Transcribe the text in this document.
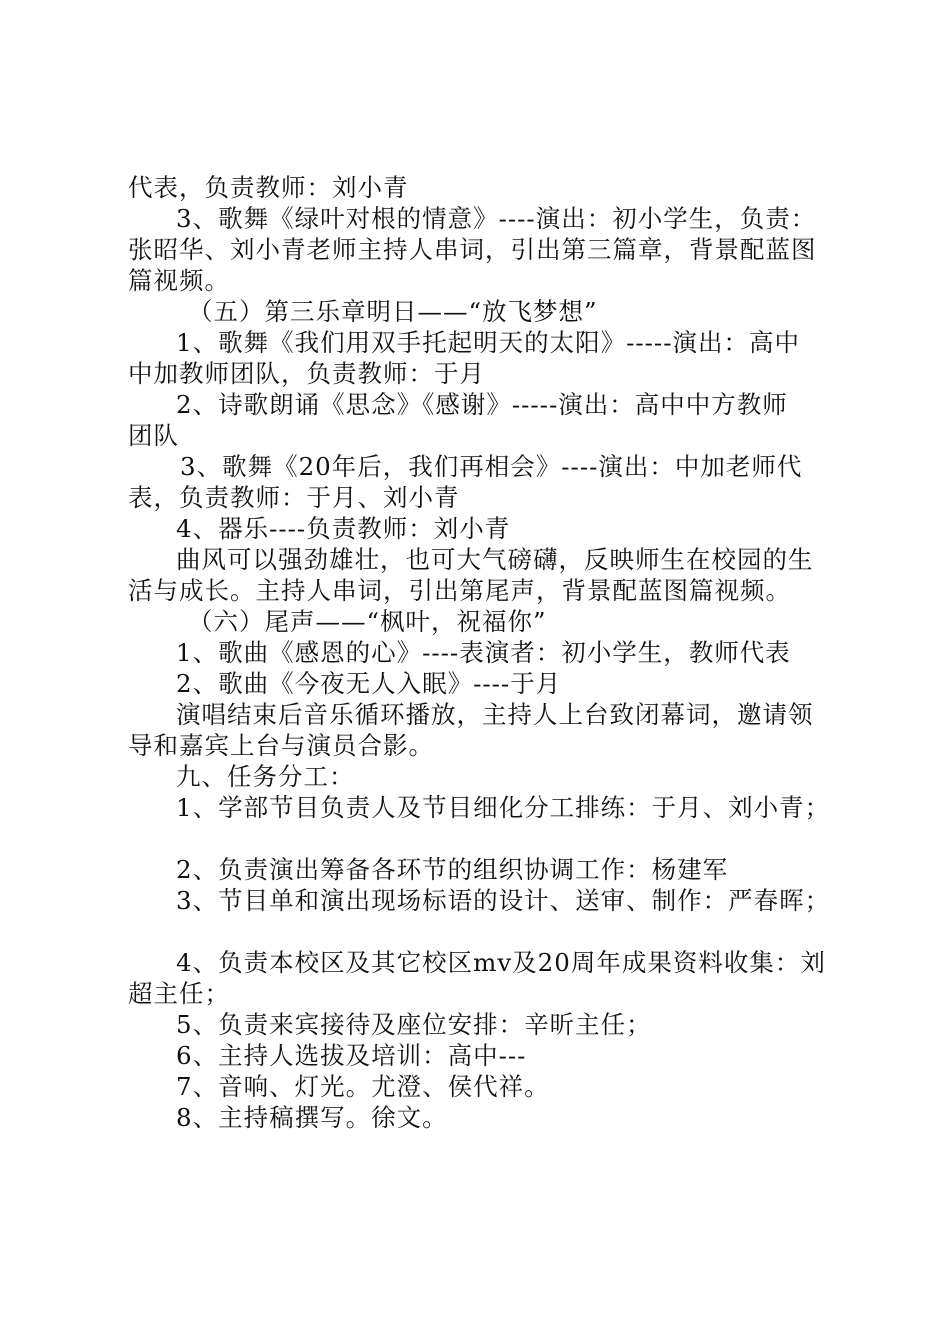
代表，负责教师：刘小青
3、歌舞《绿叶对根的情意》----演出：初小学生，负责：
张昭华、刘小青老师主持人串词，引出第三篇章，背景配蓝图
篇视频。
（五）第三乐章明日——“放飞梦想”
1、歌舞《我们用双手托起明天的太阳》-----演出：高中
中加教师团队，负责教师：于月
2、诗歌朗诵《思念》《感谢》-----演出：高中中方教师
团队
3、歌舞《20年后，我们再相会》----演出：中加老师代
表，负责教师：于月、刘小青
4、器乐----负责教师：刘小青
曲风可以强劲雄壮，也可大气磅礴，反映师生在校园的生
活与成长。主持人串词，引出第尾声，背景配蓝图篇视频。
（六）尾声——“枫叶，祝福你”
1、歌曲《感恩的心》----表演者：初小学生，教师代表
2、歌曲《今夜无人入眠》----于月
演唱结束后音乐循环播放，主持人上台致闭幕词，邀请领
导和嘉宾上台与演员合影。
九、任务分工：
1、学部节目负责人及节目细化分工排练：于月、刘小青；
2、负责演出筹备各环节的组织协调工作：杨建军
3、节目单和演出现场标语的设计、送审、制作：严春晖；
4、负责本校区及其它校区mv及20周年成果资料收集：刘
超主任；
5、负责来宾接待及座位安排：辛昕主任；
6、主持人选拔及培训：高中---
7、音响、灯光。尤澄、侯代祥。
8、主持稿撰写。徐文。
